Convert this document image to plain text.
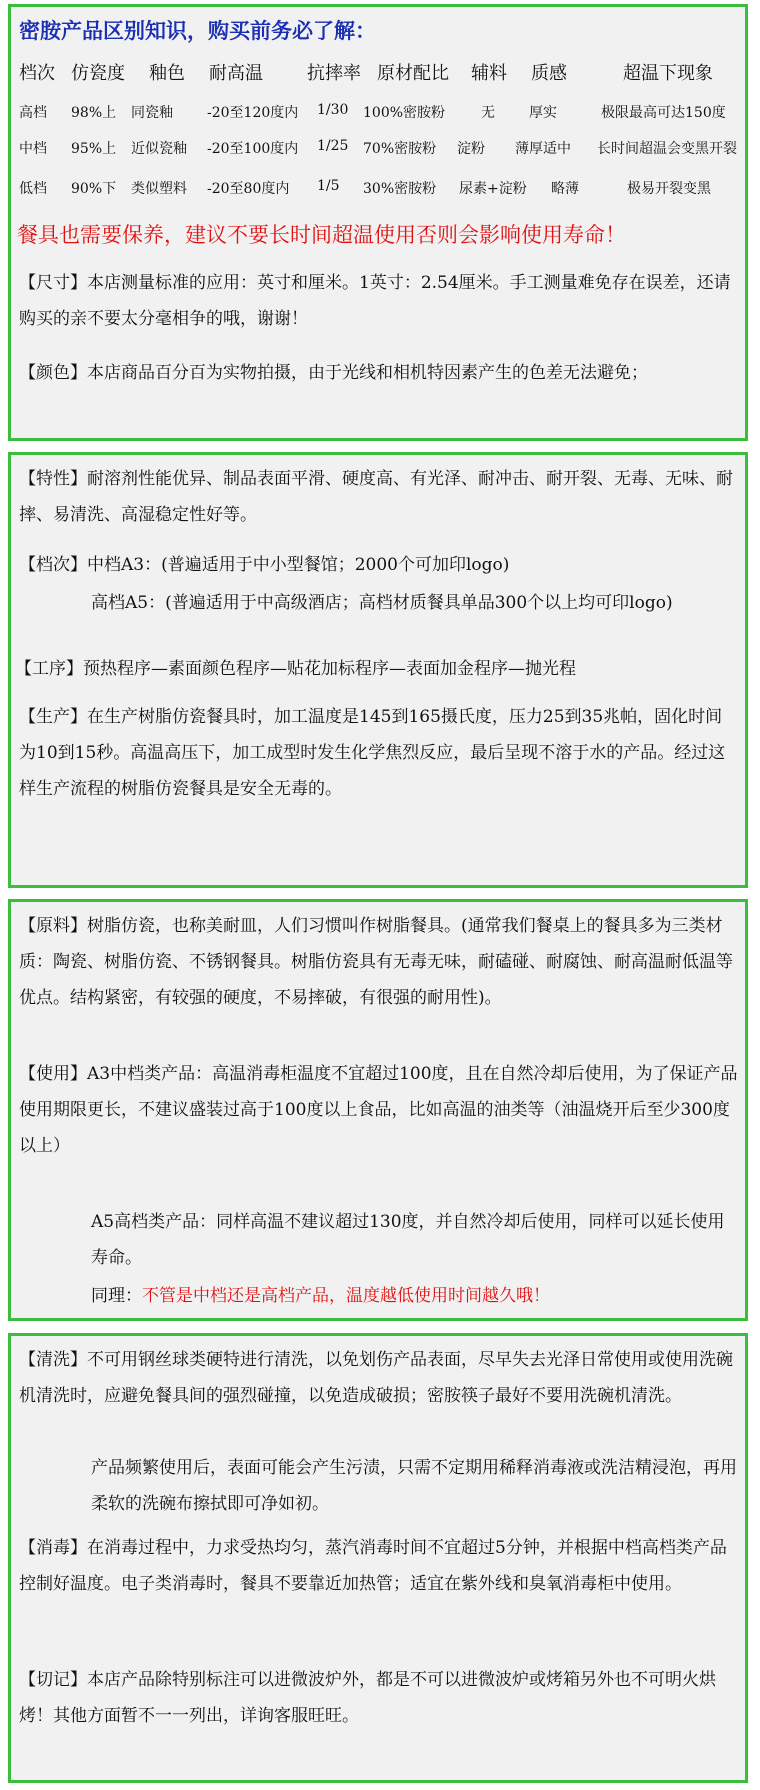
密胺产品区别知识，购买前务必了解：
档次 仿瓷度 釉色 耐高温 抗摔率 原材配比 辅料 质感	超温下现象
高档 98%上 同瓷釉 -20至120度内 1/30 100%密胺粉	无 厚实	极限最高可达150度
中档 95%上 近似瓷釉 -20至100度内 1/25 70%密胺粉 淀粉 薄厚适中 长时间超温会变黑开裂
低档 90%下 类似塑料 -20至80度内 1/5 30%密胺粉 尿素+淀粉 略薄	极易开裂变黑
餐具也需要保养，建议不要长时间超温使用否则会影响使用寿命！

【尺寸】本店测量标准的应用：英寸和厘米。1英寸：2.54厘米。手工测量难免存在误差，还请购买的亲不要太分毫相争的哦，谢谢！

【颜色】本店商品百分百为实物拍摄，由于光线和相机特因素产生的色差无法避免；

【特性】耐溶剂性能优异、制品表面平滑、硬度高、有光泽、耐冲击、耐开裂、无毒、无味、耐摔、易清洗、高湿稳定性好等。

【档次】中档A3：(普遍适用于中小型餐馆；2000个可加印logo)

高档A5：(普遍适用于中高级酒店；高档材质餐具单品300个以上均可印logo)

【工序】预热程序—素面颜色程序—贴花加标程序—表面加金程序—抛光程

【生产】在生产树脂仿瓷餐具时，加工温度是145到165摄氏度，压力25到35兆帕，固化时间为10到15秒。高温高压下，加工成型时发生化学焦烈反应，最后呈现不溶于水的产品。经过这样生产流程的树脂仿瓷餐具是安全无毒的。

【原料】树脂仿瓷，也称美耐皿，人们习惯叫作树脂餐具。(通常我们餐桌上的餐具多为三类材质：陶瓷、树脂仿瓷、不锈钢餐具。树脂仿瓷具有无毒无味，耐磕碰、耐腐蚀、耐高温耐低温等优点。结构紧密，有较强的硬度，不易摔破，有很强的耐用性)。

【使用】A3中档类产品：高温消毒柜温度不宜超过100度，且在自然冷却后使用，为了保证产品使用期限更长，不建议盛装过高于100度以上食品，比如高温的油类等（油温烧开后至少300度以上）

A5高档类产品：同样高温不建议超过130度，并自然冷却后使用，同样可以延长使用寿命。

同理：不管是中档还是高档产品，温度越低使用时间越久哦！

【清洗】不可用钢丝球类硬特进行清洗，以免划伤产品表面，尽早失去光泽日常使用或使用洗碗机清洗时，应避免餐具间的强烈碰撞，以免造成破损；密胺筷子最好不要用洗碗机清洗。

产品频繁使用后，表面可能会产生污渍，只需不定期用稀释消毒液或洗洁精浸泡，再用柔软的洗碗布擦拭即可净如初。

【消毒】在消毒过程中，力求受热均匀，蒸汽消毒时间不宜超过5分钟，并根据中档高档类产品控制好温度。电子类消毒时，餐具不要靠近加热管；适宜在紫外线和臭氧消毒柜中使用。

【切记】本店产品除特别标注可以进微波炉外，都是不可以进微波炉或烤箱另外也不可明火烘烤！其他方面暂不一一列出，详询客服旺旺。
